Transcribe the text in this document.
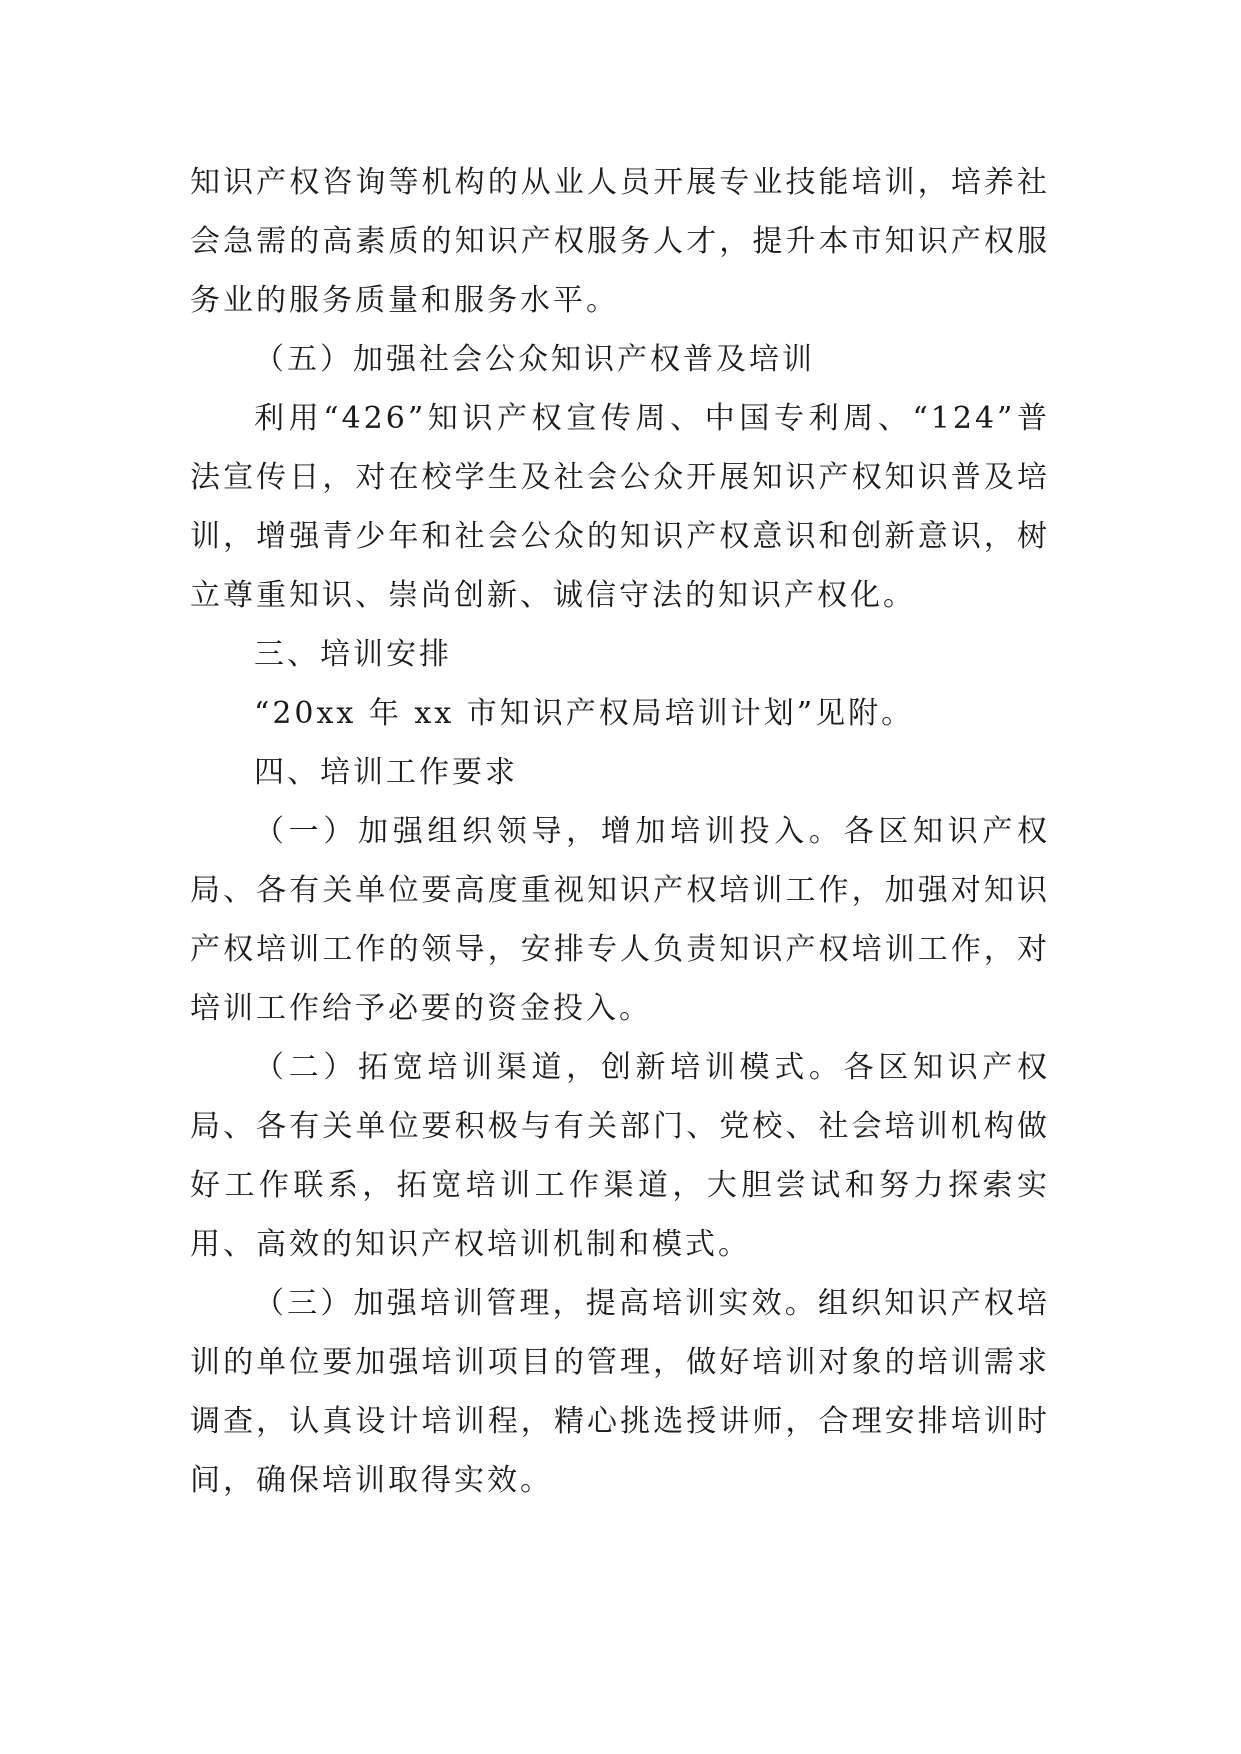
知识产权咨询等机构的从业人员开展专业技能培训，培养社会急需的高素质的知识产权服务人才，提升本市知识产权服务业的服务质量和服务水平。

（五）加强社会公众知识产权普及培训

利用“426”知识产权宣传周、中国专利周、“124”普法宣传日，对在校学生及社会公众开展知识产权知识普及培训，增强青少年和社会公众的知识产权意识和创新意识，树立尊重知识、崇尚创新、诚信守法的知识产权化。

三、培训安排

“20xx 年 xx 市知识产权局培训计划”见附。

四、培训工作要求

（一）加强组织领导，增加培训投入。各区知识产权局、各有关单位要高度重视知识产权培训工作，加强对知识产权培训工作的领导，安排专人负责知识产权培训工作，对培训工作给予必要的资金投入。

（二）拓宽培训渠道，创新培训模式。各区知识产权局、各有关单位要积极与有关部门、党校、社会培训机构做好工作联系，拓宽培训工作渠道，大胆尝试和努力探索实用、高效的知识产权培训机制和模式。

（三）加强培训管理，提高培训实效。组织知识产权培训的单位要加强培训项目的管理，做好培训对象的培训需求调查，认真设计培训程，精心挑选授讲师，合理安排培训时间，确保培训取得实效。
